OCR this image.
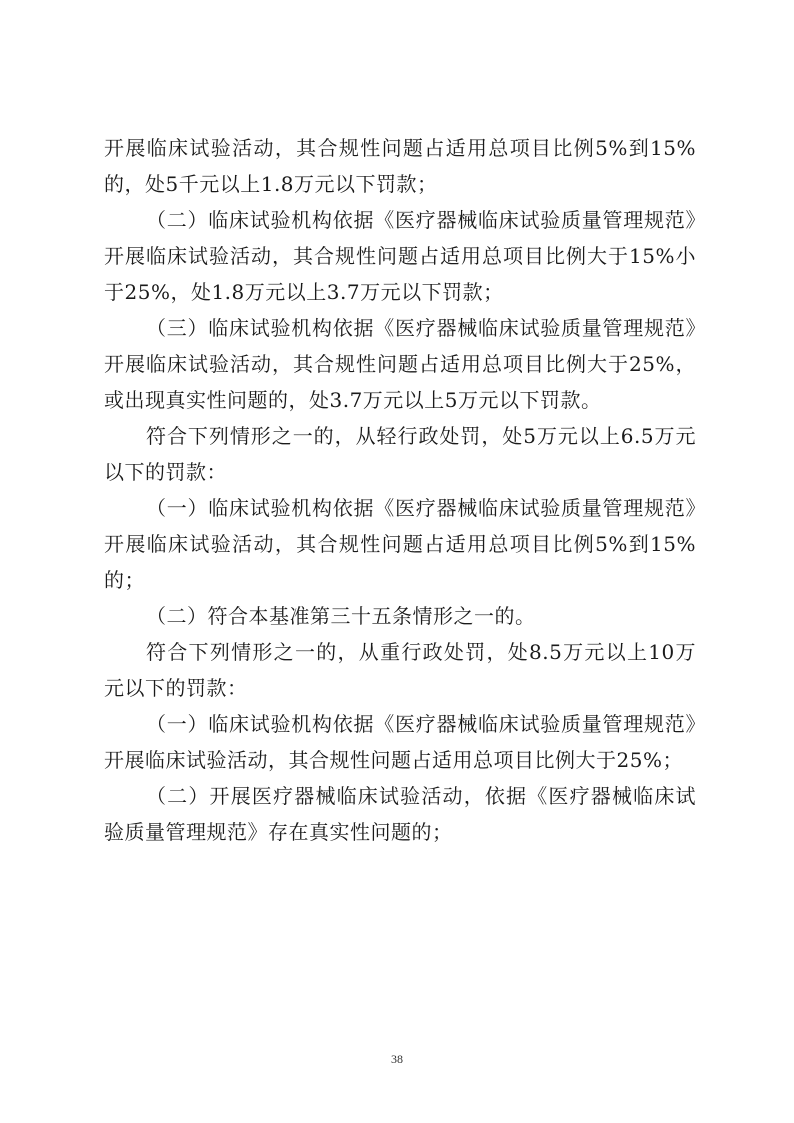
开展临床试验活动，其合规性问题占适用总项目比例5%到15%的，处5千元以上1.8万元以下罚款；

（二）临床试验机构依据《医疗器械临床试验质量管理规范》开展临床试验活动，其合规性问题占适用总项目比例大于15%小于25%，处1.8万元以上3.7万元以下罚款；

（三）临床试验机构依据《医疗器械临床试验质量管理规范》开展临床试验活动，其合规性问题占适用总项目比例大于25%，或出现真实性问题的，处3.7万元以上5万元以下罚款。

符合下列情形之一的，从轻行政处罚，处5万元以上6.5万元以下的罚款：

（一）临床试验机构依据《医疗器械临床试验质量管理规范》开展临床试验活动，其合规性问题占适用总项目比例5%到15%的；

（二）符合本基准第三十五条情形之一的。

符合下列情形之一的，从重行政处罚，处8.5万元以上10万元以下的罚款：

（一）临床试验机构依据《医疗器械临床试验质量管理规范》开展临床试验活动，其合规性问题占适用总项目比例大于25%；

（二）开展医疗器械临床试验活动，依据《医疗器械临床试验质量管理规范》存在真实性问题的；

38
